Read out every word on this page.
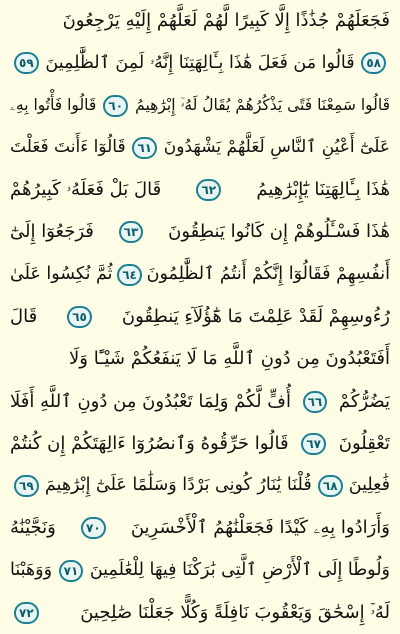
فَجَعَلَهُمْ جُذَٰذًا إِلَّا كَبِيرًا لَّهُمْ لَعَلَّهُمْ إِلَيْهِ يَرْجِعُونَ
٥٨
قَالُوا مَن فَعَلَ هَٰذَا بِـَٔالِهَتِنَا إِنَّهُۥ لَمِنَ ٱلظَّٰلِمِينَ
٥٩
قَالُوا سَمِعْنَا فَتًى يَذْكُرُهُمْ يُقَالُ لَهُۥٓ إِبْرَٰهِيمُ
٦٠
قَالُوا فَأْتُوا بِهِۦ
عَلَىٰٓ أَعْيُنِ ٱلنَّاسِ لَعَلَّهُمْ يَشْهَدُونَ
٦١
قَالُوٓا ءَأَنتَ فَعَلْتَ
هَٰذَا بِـَٔالِهَتِنَا يَٰٓإِبْرَٰهِيمُ
٦٢
قَالَ بَلْ فَعَلَهُۥ كَبِيرُهُمْ
هَٰذَا فَسْـَٔلُوهُمْ إِن كَانُوا يَنطِقُونَ
٦٣
فَرَجَعُوٓا إِلَىٰٓ
أَنفُسِهِمْ فَقَالُوٓا إِنَّكُمْ أَنتُمُ ٱلظَّٰلِمُونَ
٦٤
ثُمَّ نُكِسُوا عَلَىٰ
رُءُوسِهِمْ لَقَدْ عَلِمْتَ مَا هَٰٓؤُلَآءِ يَنطِقُونَ
٦٥
قَالَ
أَفَتَعْبُدُونَ مِن دُونِ ٱللَّهِ مَا لَا يَنفَعُكُمْ شَيْـًٔا وَلَا
يَضُرُّكُمْ
٦٦
أُفٍّ لَّكُمْ وَلِمَا تَعْبُدُونَ مِن دُونِ ٱللَّهِ أَفَلَا
تَعْقِلُونَ
٦٧
قَالُوا حَرِّقُوهُ وَٱنصُرُوٓا ءَالِهَتَكُمْ إِن كُنتُمْ
فَٰعِلِينَ
٦٨
قُلْنَا يَٰنَارُ كُونِى بَرْدًا وَسَلَٰمًا عَلَىٰٓ إِبْرَٰهِيمَ
٦٩
وَأَرَادُوا بِهِۦ كَيْدًا فَجَعَلْنَٰهُمُ ٱلْأَخْسَرِينَ
٧٠
وَنَجَّيْنَٰهُ
وَلُوطًا إِلَى ٱلْأَرْضِ ٱلَّتِى بَٰرَكْنَا فِيهَا لِلْعَٰلَمِينَ
٧١
وَوَهَبْنَا
لَهُۥٓ إِسْحَٰقَ وَيَعْقُوبَ نَافِلَةً وَكُلًّا جَعَلْنَا صَٰلِحِينَ
٧٢
